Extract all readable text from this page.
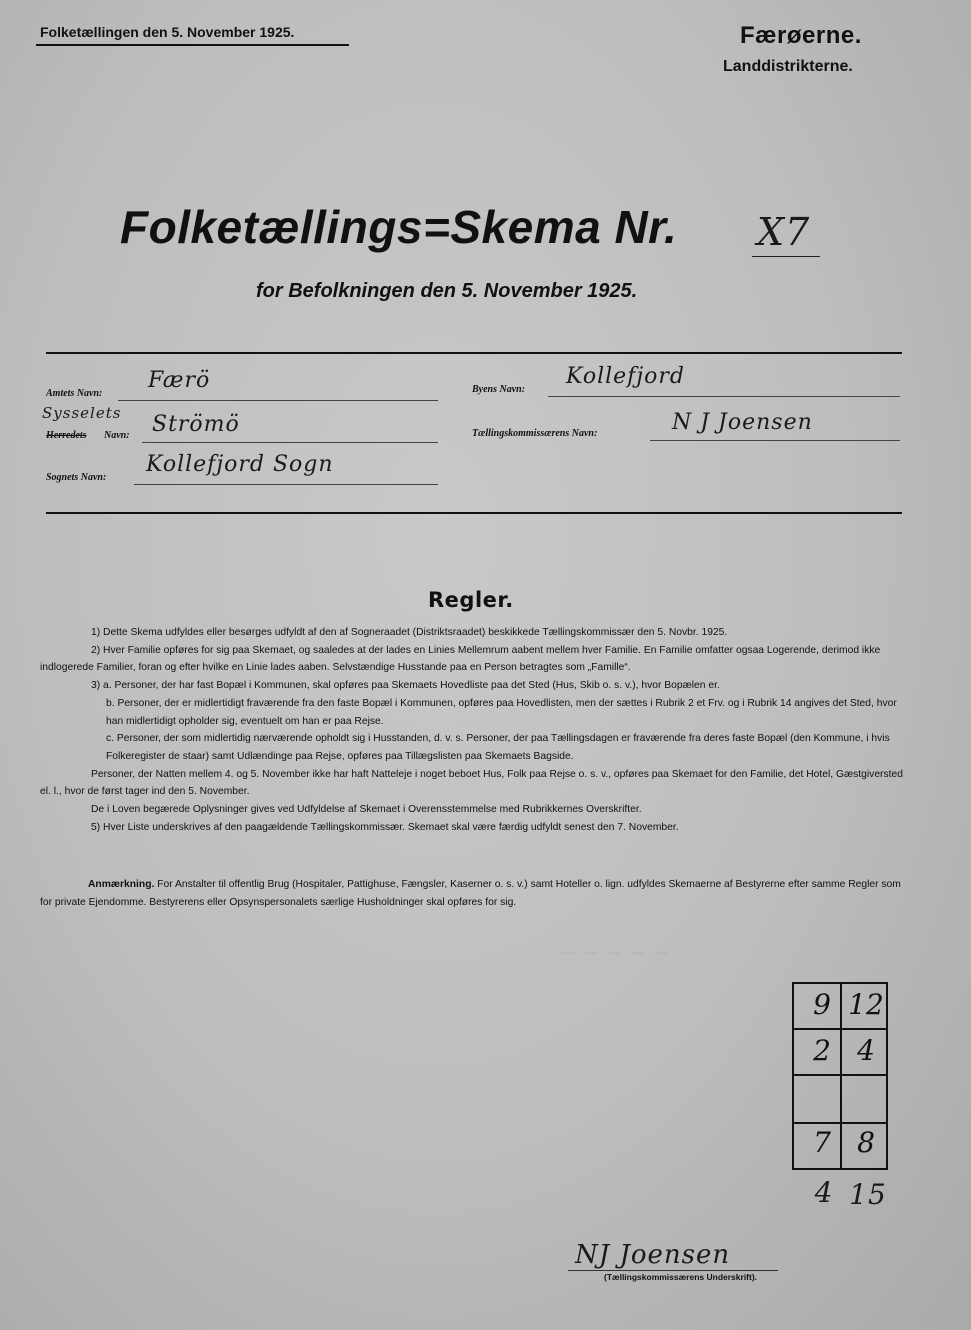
Folketællingen den 5. November 1925.	Færøerne.
Landdistrikterne.
Folketællings=Skema Nr. X7
for Befolkningen den 5. November 1925.
Amtets Navn:
Færö
Sysselets
Herredets Navn: Strömö
Sognets Navn:
Kollefjord Sogn
Byens Navn:
Kollefjord
Tællingskommissærens Navn:	N J Joensen
Regler.

1) Dette Skema udfyldes eller besørges udfyldt af den af Sogneraadet (Distriktsraadet) beskikkede Tællingskommissær den 5. Novbr. 1925.

2) Hver Familie opføres for sig paa Skemaet, og saaledes at der lades en Linies Mellemrum aabent mellem hver Familie. En Familie omfatter ogsaa Logerende, derimod ikke indlogerede Familier, foran og efter hvilke en Linie lades aaben. Selvstændige Husstande paa en Person betragtes som „Famille“.

3) a. Personer, der har fast Bopæl i Kommunen, skal opføres paa Skemaets Hovedliste paa det Sted (Hus, Skib o. s. v.), hvor Bopælen er.

b. Personer, der er midlertidigt fraværende fra den faste Bopæl i Kommunen, opføres paa Hovedlisten, men der sættes i Rubrik 2 et Frv. og i Rubrik 14 angives det Sted, hvor han midlertidigt opholder sig, eventuelt om han er paa Rejse.

c. Personer, der som midlertidig nærværende opholdt sig i Husstanden, d. v. s. Personer, der paa Tællingsdagen er fraværende fra deres faste Bopæl (den Kommune, i hvis Folkeregister de staar) samt Udlændinge paa Rejse, opføres paa Tillægslisten paa Skemaets Bagside.

Personer, der Natten mellem 4. og 5. November ikke har haft Natteleje i noget beboet Hus, Folk paa Rejse o. s. v., opføres paa Skemaet for den Familie, det Hotel, Gæstgiversted el. l., hvor de først tager ind den 5. November.

De i Loven begærede Oplysninger gives ved Udfyldelse af Skemaet i Overensstemmelse med Rubrikkernes Overskrifter.

5) Hver Liste underskrives af den paagældende Tællingskommissær. Skemaet skal være færdig udfyldt senest den 7. November.

Anmærkning. For Anstalter til offentlig Brug (Hospitaler, Pattighuse, Fængsler, Kaserner o. s. v.) samt Hoteller o. lign. udfyldes Skemaerne af Bestyrerne efter samme Regler som for private Ejendomme. Bestyrerens eller Opsynspersonalets særlige Husholdninger skal opføres for sig.

~ ~ ~ ~ ~
9 12
2 4
7 8
4 15
NJ Joensen
(Tællingskommissærens Underskrift).
